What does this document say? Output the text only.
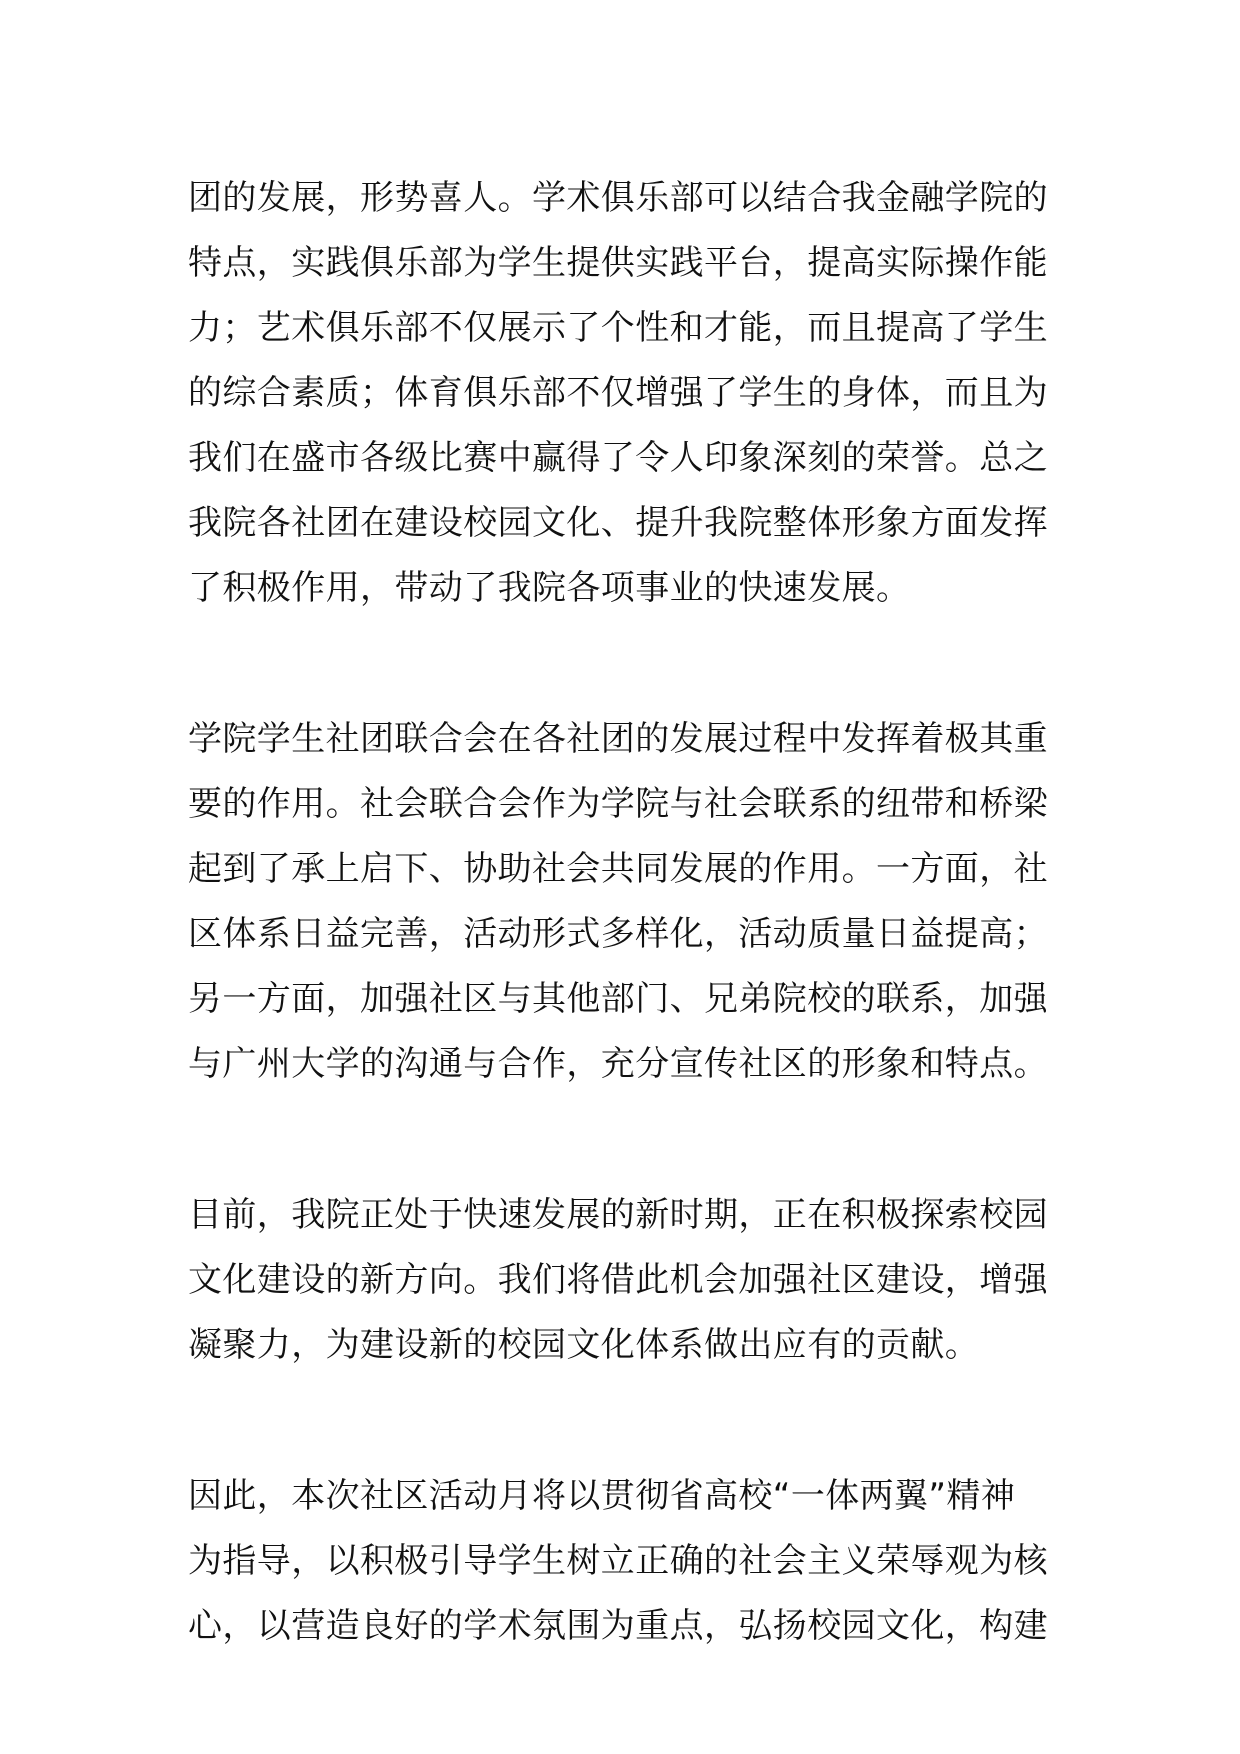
团的发展，形势喜人。学术俱乐部可以结合我金融学院的
特点，实践俱乐部为学生提供实践平台，提高实际操作能
力；艺术俱乐部不仅展示了个性和才能，而且提高了学生
的综合素质；体育俱乐部不仅增强了学生的身体，而且为
我们在盛市各级比赛中赢得了令人印象深刻的荣誉。总之
我院各社团在建设校园文化、提升我院整体形象方面发挥
了积极作用，带动了我院各项事业的快速发展。

学院学生社团联合会在各社团的发展过程中发挥着极其重
要的作用。社会联合会作为学院与社会联系的纽带和桥梁
起到了承上启下、协助社会共同发展的作用。一方面，社
区体系日益完善，活动形式多样化，活动质量日益提高；
另一方面，加强社区与其他部门、兄弟院校的联系，加强
与广州大学的沟通与合作，充分宣传社区的形象和特点。

目前，我院正处于快速发展的新时期，正在积极探索校园
文化建设的新方向。我们将借此机会加强社区建设，增强
凝聚力，为建设新的校园文化体系做出应有的贡献。

因此，本次社区活动月将以贯彻省高校“一体两翼”精神
为指导，以积极引导学生树立正确的社会主义荣辱观为核
心，以营造良好的学术氛围为重点，弘扬校园文化，构建
